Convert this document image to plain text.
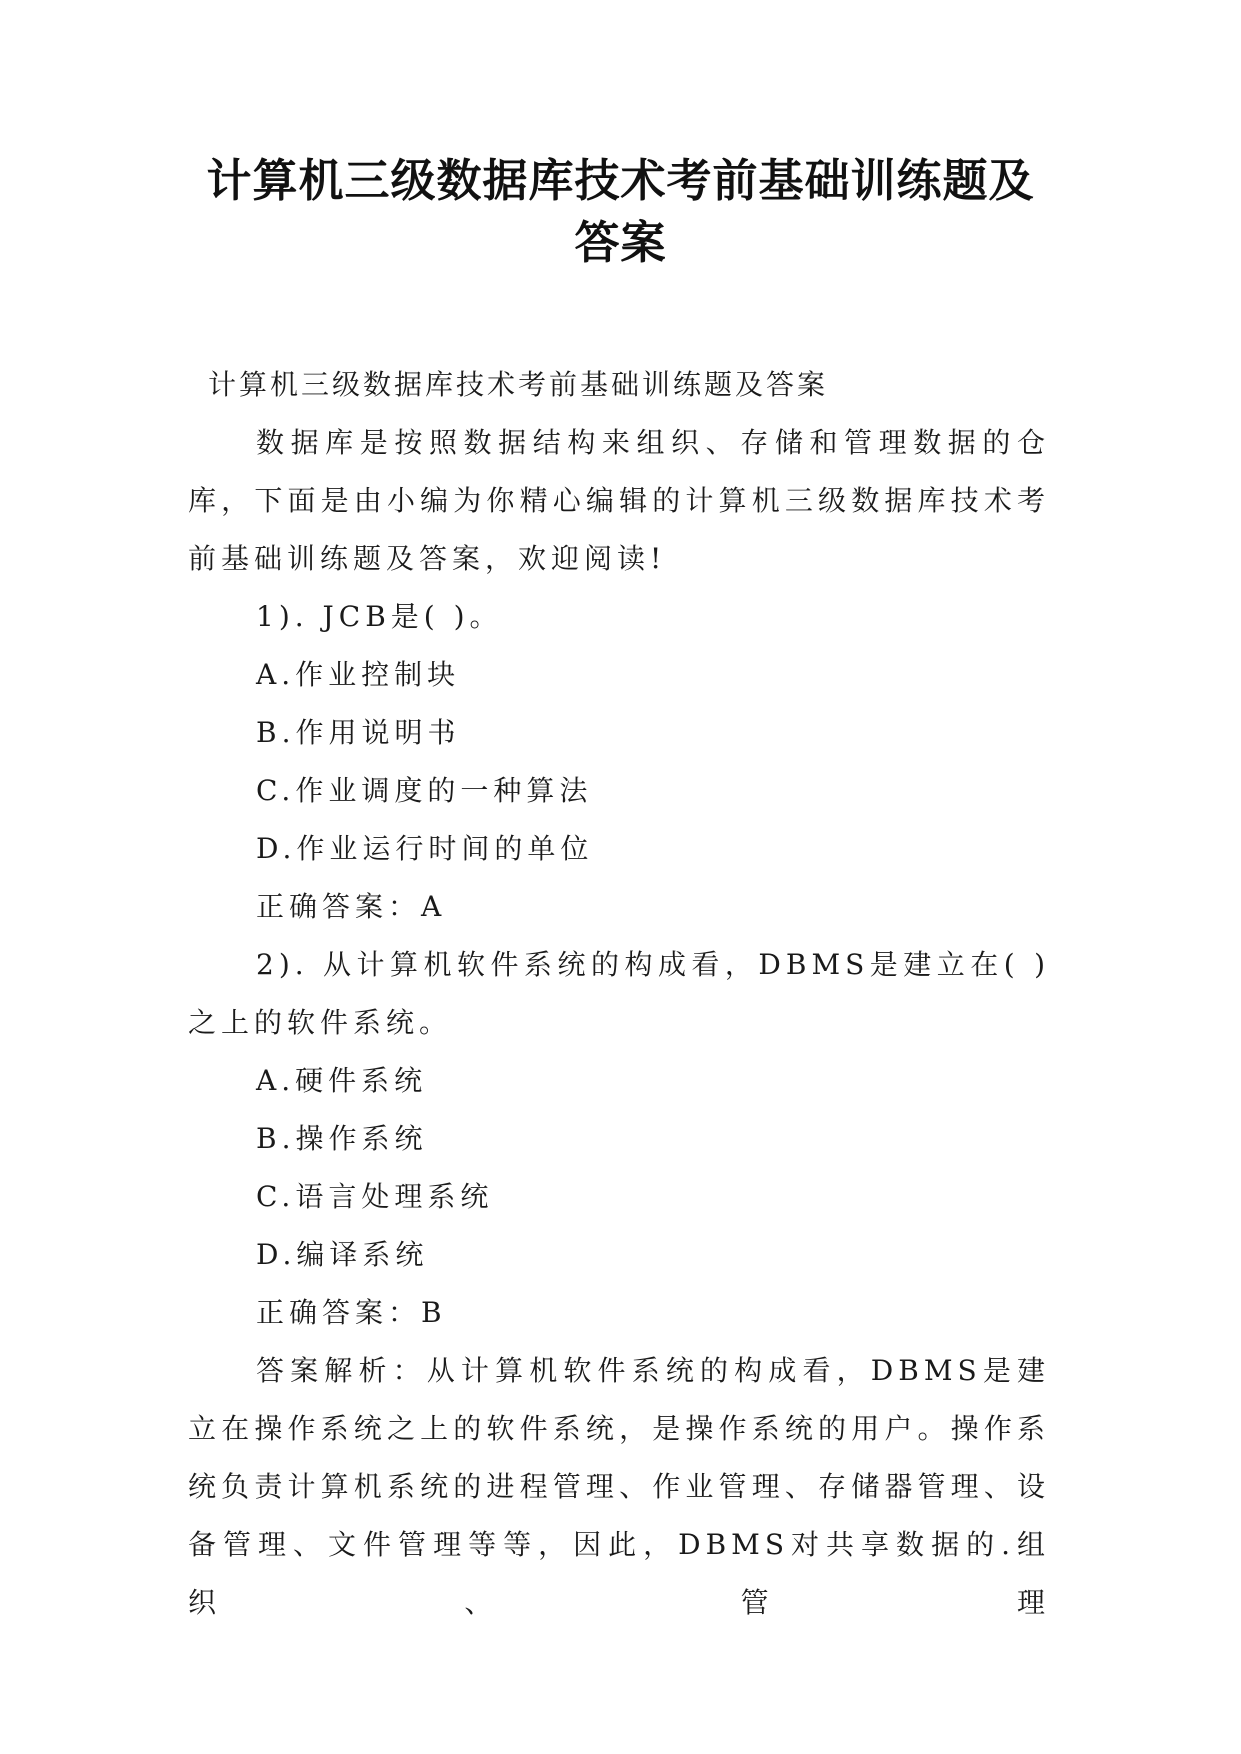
计算机三级数据库技术考前基础训练题及答案

计算机三级数据库技术考前基础训练题及答案

数据库是按照数据结构来组织、存储和管理数据的仓库，下面是由小编为你精心编辑的计算机三级数据库技术考前基础训练题及答案，欢迎阅读!

1). JCB是( )。

A.作业控制块

B.作用说明书

C.作业调度的一种算法

D.作业运行时间的单位

正确答案：A

2). 从计算机软件系统的构成看，DBMS是建立在( )之上的软件系统。

A.硬件系统

B.操作系统

C.语言处理系统

D.编译系统

正确答案：B

答案解析：从计算机软件系统的构成看，DBMS是建立在操作系统之上的软件系统，是操作系统的用户。操作系统负责计算机系统的进程管理、作业管理、存储器管理、设备管理、文件管理等等，因此，DBMS对共享数据的.组织、管理
